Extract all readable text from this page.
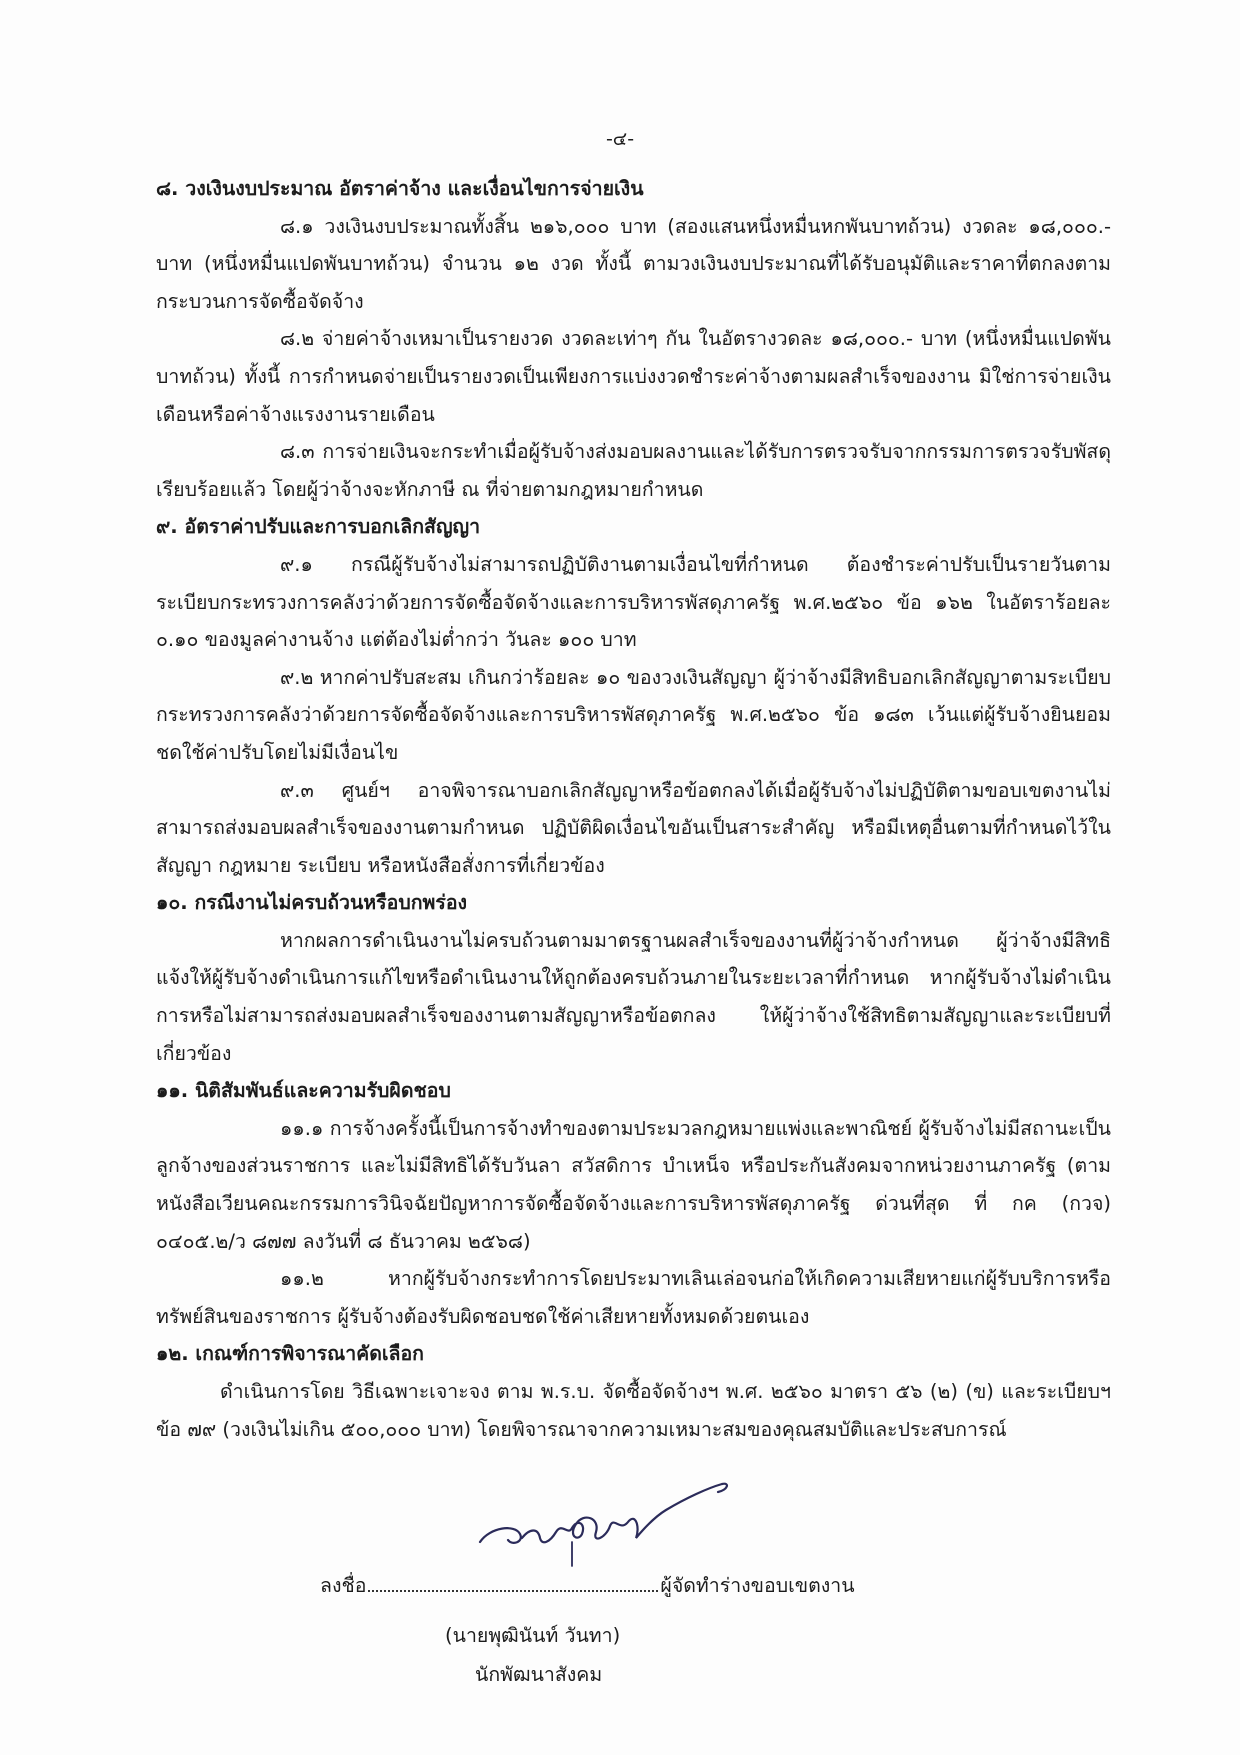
-๔-

๘. วงเงินงบประมาณ อัตราค่าจ้าง และเงื่อนไขการจ่ายเงิน

๘.๑ วงเงินงบประมาณทั้งสิ้น ๒๑๖,๐๐๐ บาท (สองแสนหนึ่งหมื่นหกพันบาทถ้วน) งวดละ ๑๘,๐๐๐.-บาท (หนึ่งหมื่นแปดพันบาทถ้วน) จำนวน ๑๒ งวด ทั้งนี้ ตามวงเงินงบประมาณที่ได้รับอนุมัติและราคาที่ตกลงตามกระบวนการจัดซื้อจัดจ้าง

๘.๒ จ่ายค่าจ้างเหมาเป็นรายงวด งวดละเท่าๆ กัน ในอัตรางวดละ ๑๘,๐๐๐.- บาท (หนึ่งหมื่นแปดพันบาทถ้วน) ทั้งนี้ การกำหนดจ่ายเป็นรายงวดเป็นเพียงการแบ่งงวดชำระค่าจ้างตามผลสำเร็จของงาน มิใช่การจ่ายเงินเดือนหรือค่าจ้างแรงงานรายเดือน

๘.๓ การจ่ายเงินจะกระทำเมื่อผู้รับจ้างส่งมอบผลงานและได้รับการตรวจรับจากกรรมการตรวจรับพัสดุเรียบร้อยแล้ว โดยผู้ว่าจ้างจะหักภาษี ณ ที่จ่ายตามกฎหมายกำหนด

๙. อัตราค่าปรับและการบอกเลิกสัญญา

๙.๑ กรณีผู้รับจ้างไม่สามารถปฏิบัติงานตามเงื่อนไขที่กำหนด ต้องชำระค่าปรับเป็นรายวันตามระเบียบกระทรวงการคลังว่าด้วยการจัดซื้อจัดจ้างและการบริหารพัสดุภาครัฐ พ.ศ.๒๕๖๐ ข้อ ๑๖๒ ในอัตราร้อยละ ๐.๑๐ ของมูลค่างานจ้าง แต่ต้องไม่ต่ำกว่า วันละ ๑๐๐ บาท

๙.๒ หากค่าปรับสะสม เกินกว่าร้อยละ ๑๐ ของวงเงินสัญญา ผู้ว่าจ้างมีสิทธิบอกเลิกสัญญาตามระเบียบ กระทรวงการคลังว่าด้วยการจัดซื้อจัดจ้างและการบริหารพัสดุภาครัฐ พ.ศ.๒๕๖๐ ข้อ ๑๘๓ เว้นแต่ผู้รับจ้างยินยอมชดใช้ค่าปรับโดยไม่มีเงื่อนไข

๙.๓ ศูนย์ฯ อาจพิจารณาบอกเลิกสัญญาหรือข้อตกลงได้เมื่อผู้รับจ้างไม่ปฏิบัติตามขอบเขตงานไม่สามารถส่งมอบผลสำเร็จของงานตามกำหนด ปฏิบัติผิดเงื่อนไขอันเป็นสาระสำคัญ หรือมีเหตุอื่นตามที่กำหนดไว้ในสัญญา กฎหมาย ระเบียบ หรือหนังสือสั่งการที่เกี่ยวข้อง

๑๐. กรณีงานไม่ครบถ้วนหรือบกพร่อง

หากผลการดำเนินงานไม่ครบถ้วนตามมาตรฐานผลสำเร็จของงานที่ผู้ว่าจ้างกำหนด ผู้ว่าจ้างมีสิทธิแจ้งให้ผู้รับจ้างดำเนินการแก้ไขหรือดำเนินงานให้ถูกต้องครบถ้วนภายในระยะเวลาที่กำหนด หากผู้รับจ้างไม่ดำเนินการหรือไม่สามารถส่งมอบผลสำเร็จของงานตามสัญญาหรือข้อตกลง ให้ผู้ว่าจ้างใช้สิทธิตามสัญญาและระเบียบที่เกี่ยวข้อง

๑๑. นิติสัมพันธ์และความรับผิดชอบ

๑๑.๑ การจ้างครั้งนี้เป็นการจ้างทำของตามประมวลกฎหมายแพ่งและพาณิชย์ ผู้รับจ้างไม่มีสถานะเป็นลูกจ้างของส่วนราชการ และไม่มีสิทธิได้รับวันลา สวัสดิการ บำเหน็จ หรือประกันสังคมจากหน่วยงานภาครัฐ (ตามหนังสือเวียนคณะกรรมการวินิจฉัยปัญหาการจัดซื้อจัดจ้างและการบริหารพัสดุภาครัฐ ด่วนที่สุด ที่ กค (กวจ) ๐๔๐๕.๒/ว ๘๗๗ ลงวันที่ ๘ ธันวาคม ๒๕๖๘)

๑๑.๒ หากผู้รับจ้างกระทำการโดยประมาทเลินเล่อจนก่อให้เกิดความเสียหายแก่ผู้รับบริการหรือทรัพย์สินของราชการ ผู้รับจ้างต้องรับผิดชอบชดใช้ค่าเสียหายทั้งหมดด้วยตนเอง

๑๒. เกณฑ์การพิจารณาคัดเลือก

ดำเนินการโดย วิธีเฉพาะเจาะจง ตาม พ.ร.บ. จัดซื้อจัดจ้างฯ พ.ศ. ๒๕๖๐ มาตรา ๕๖ (๒) (ข) และระเบียบฯ ข้อ ๗๙ (วงเงินไม่เกิน ๕๐๐,๐๐๐ บาท) โดยพิจารณาจากความเหมาะสมของคุณสมบัติและประสบการณ์

ลงชื่อ	ผู้จัดทำร่างขอบเขตงาน
(นายพุฒินันท์ วันทา)
นักพัฒนาสังคม
